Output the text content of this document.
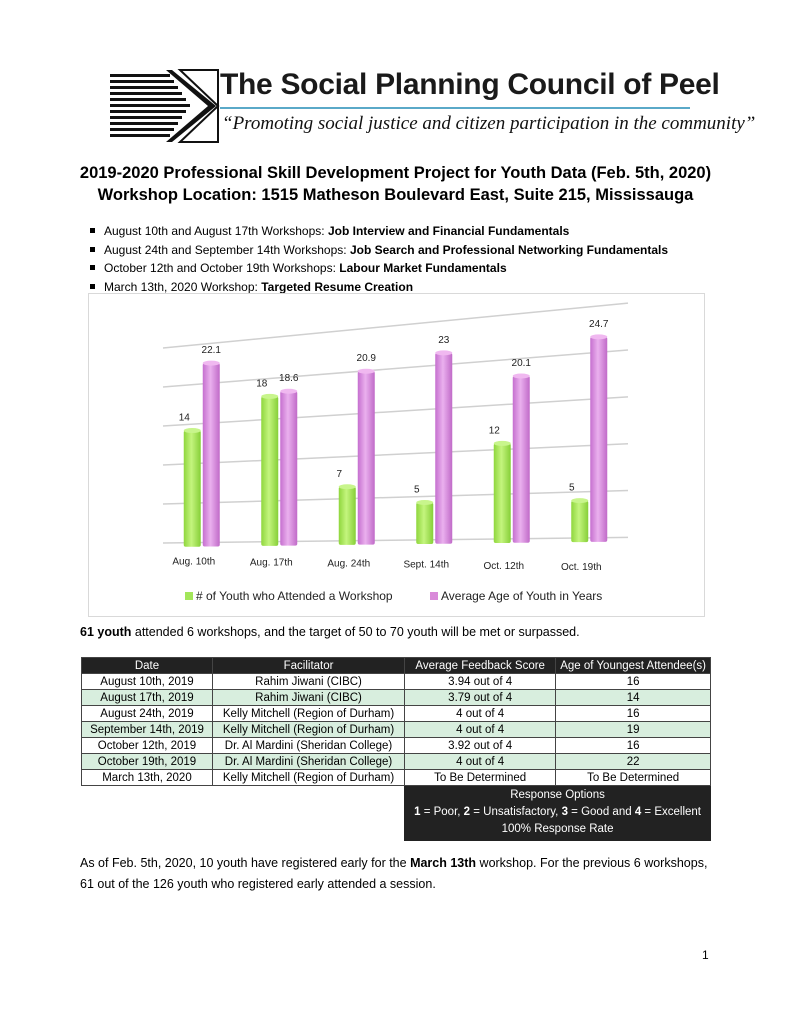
The Social Planning Council of Peel
“Promoting social justice and citizen participation in the community”
2019-2020 Professional Skill Development Project for Youth Data (Feb. 5th, 2020)
Workshop Location: 1515 Matheson Boulevard East, Suite 215, Mississauga
August 10th and August 17th Workshops: Job Interview and Financial Fundamentals
August 24th and September 14th Workshops: Job Search and Professional Networking Fundamentals
October 12th and October 19th Workshops: Labour Market Fundamentals
March 13th, 2020 Workshop: Targeted Resume Creation
14
22.1
Aug. 10th
18 18.6
Aug. 17th
7
20.9
Aug. 24th
5
23
Sept. 14th
12
20.1
Oct. 12th
5
24.7
Oct. 19th
# of Youth who Attended a Workshop	Average Age of Youth in Years
61 youth attended 6 workshops, and the target of 50 to 70 youth will be met or surpassed.
Date	Facilitator	Average Feedback Score	Age of Youngest Attendee(s)
August 10th, 2019	Rahim Jiwani (CIBC)	3.94 out of 4	16
August 17th, 2019	Rahim Jiwani (CIBC)	3.79 out of 4	14
August 24th, 2019	Kelly Mitchell (Region of Durham)	4 out of 4	16
September 14th, 2019	Kelly Mitchell (Region of Durham)	4 out of 4	19
October 12th, 2019	Dr. Al Mardini (Sheridan College)	3.92 out of 4	16
October 19th, 2019	Dr. Al Mardini (Sheridan College)	4 out of 4	22
March 13th, 2020	Kelly Mitchell (Region of Durham)	To Be Determined	To Be Determined

		Response Options
1 = Poor, 2 = Unsatisfactory, 3 = Good and 4 = Excellent
100% Response Rate	
As of Feb. 5th, 2020, 10 youth have registered early for the March 13th workshop. For the previous 6 workshops, 61 out of the 126 youth who registered early attended a session.
1
